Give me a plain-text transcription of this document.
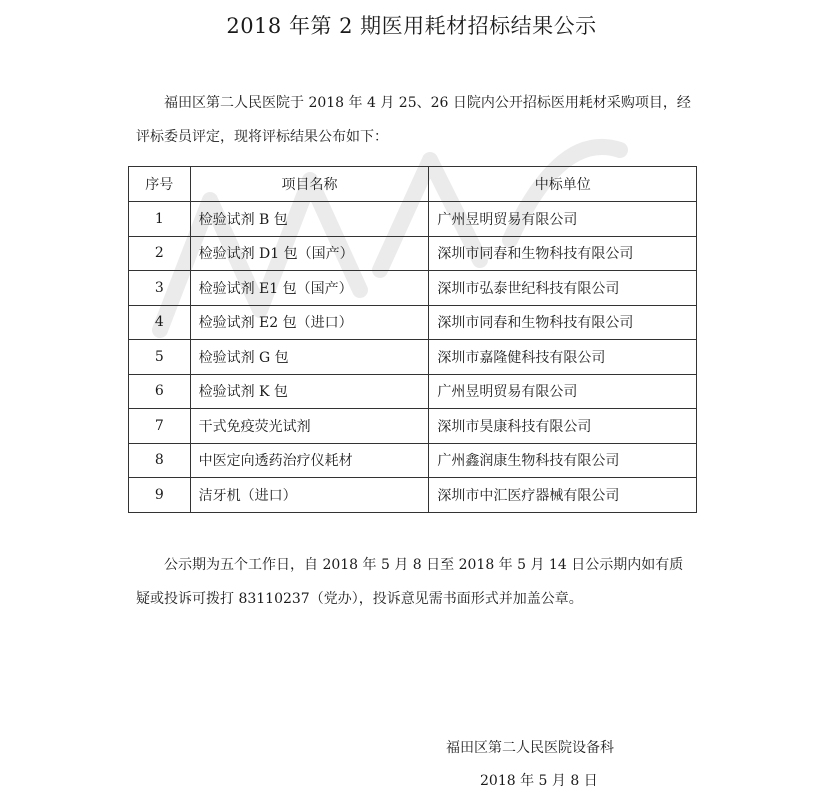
2018 年第 2 期医用耗材招标结果公示
福田区第二人民医院于 2018 年 4 月 25、26 日院内公开招标医用耗材采购项目，经评标委员评定，现将评标结果公布如下：
序号	项目名称	中标单位
1	检验试剂 B 包	广州昱明贸易有限公司
2	检验试剂 D1 包（国产）	深圳市同春和生物科技有限公司
3	检验试剂 E1 包（国产）	深圳市弘泰世纪科技有限公司
4	检验试剂 E2 包（进口）	深圳市同春和生物科技有限公司
5	检验试剂 G 包	深圳市嘉隆健科技有限公司
6	检验试剂 K 包	广州昱明贸易有限公司
7	干式免疫荧光试剂	深圳市昊康科技有限公司
8	中医定向透药治疗仪耗材	广州鑫润康生物科技有限公司
9	洁牙机（进口）	深圳市中汇医疗器械有限公司
公示期为五个工作日，自 2018 年 5 月 8 日至 2018 年 5 月 14 日公示期内如有质疑或投诉可拨打 83110237（党办），投诉意见需书面形式并加盖公章。
福田区第二人民医院设备科
2018 年 5 月 8 日
